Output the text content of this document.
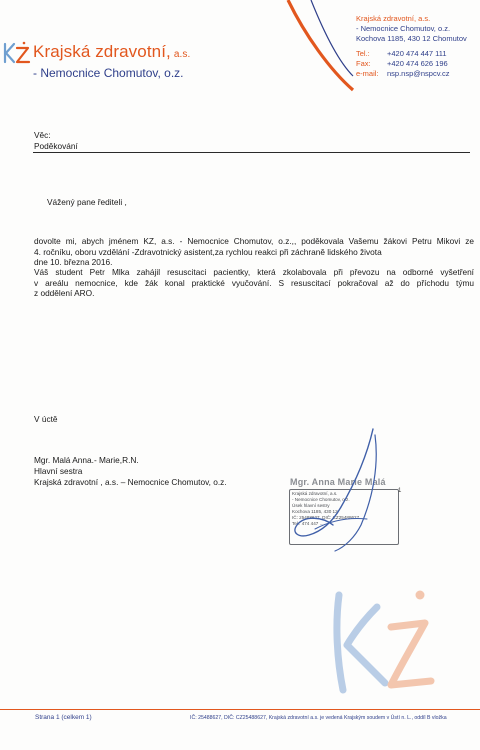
Krajská zdravotní, a.s.
- Nemocnice Chomutov, o.z.
Krajská zdravotní, a.s.
- Nemocnice Chomutov, o.z.
Kochova 1185, 430 12 Chomutov
Tel.:	+420 474 447 111
Fax:	+420 474 626 196
e-mail:	nsp.nsp@nspcv.cz
Věc:
Poděkování
Vážený pane řediteli ,
dovolte mi, abych jménem KZ, a.s. - Nemocnice Chomutov, o.z.,, poděkovala Vašemu žákovi Petru Mikovi ze
4. ročníku, oboru vzdělání -Zdravotnický asistent,za rychlou reakci při záchraně lidského života
dne 10. března 2016.
Váš student Petr Mlka zahájil resuscitaci pacientky, která zkolabovala při převozu na odborné vyšetření
v areálu nemocnice, kde žák konal praktické vyučování. S resuscitací pokračoval až do příchodu týmu
z oddělení ARO.
V úctě
Mgr. Malá Anna.- Marie,R.N.
Hlavní sestra
Krajská zdravotní , a.s. – Nemocnice Chomutov, o.z.	Mgr. Anna Marie Malá
Krajská zdravotní, a.s.
- Nemocnice Chomutov, o.z.
Úsek hlavní sestry
Kochova 1185, 430 12
IČ: 25488627, DIČ: CZ25488627
Tel.: 474 447 ...
1
Strana 1 (celkem 1)	IČ: 25488627, DIČ: CZ25488627, Krajská zdravotní a.s. je vedená Krajským soudem v Ústí n. L., oddíl B vložka
